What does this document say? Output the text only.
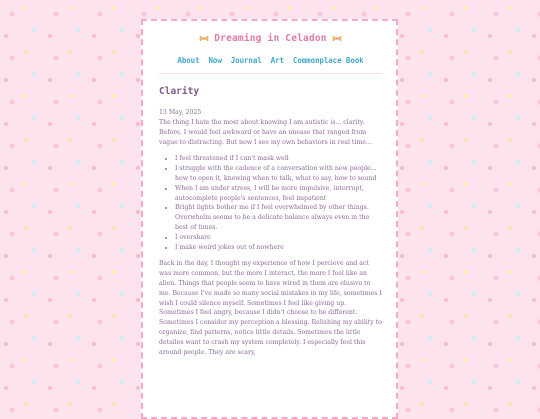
Dreaming in Celadon
About Now Journal Art Commonplace Book
Clarity

13 May, 2025

The thing I hate the most about knowing I am autistic is... clarity. Before, I would feel awkward or have an unease that ranged from vague to distracting. But now I see my own behaviors in real time...

• I feel threatened if I can't mask well
• I struggle with the cadence of a conversation with new people... how to open it, knowing when to talk, what to say, how to sound
• When I am under stress, I will be more impulsive, interrupt, autocomplete people's sentences, feel impatient
• Bright lights bother me if I feel overwhelmed by other things. Overwhelm seems to be a delicate balance always even in the best of times.
• I overshare
• I make weird jokes out of nowhere

Back in the day, I thought my experience of how I percieve and act was more common, but the more I interact, the more I feel like an alien. Things that people seem to have wired in them are elusive to me. Because I've made so many social mistakes in my life, sometimes I wish I could silence myself. Sometimes I feel like giving up. Sometimes I feel angry, because I didn't choose to be different. Sometimes I consider my perception a blessing. Relishing my ability to organize, find patterns, notice little details. Sometimes the little detailes want to crash my system completely. I especially feel this around people. They are scary,
